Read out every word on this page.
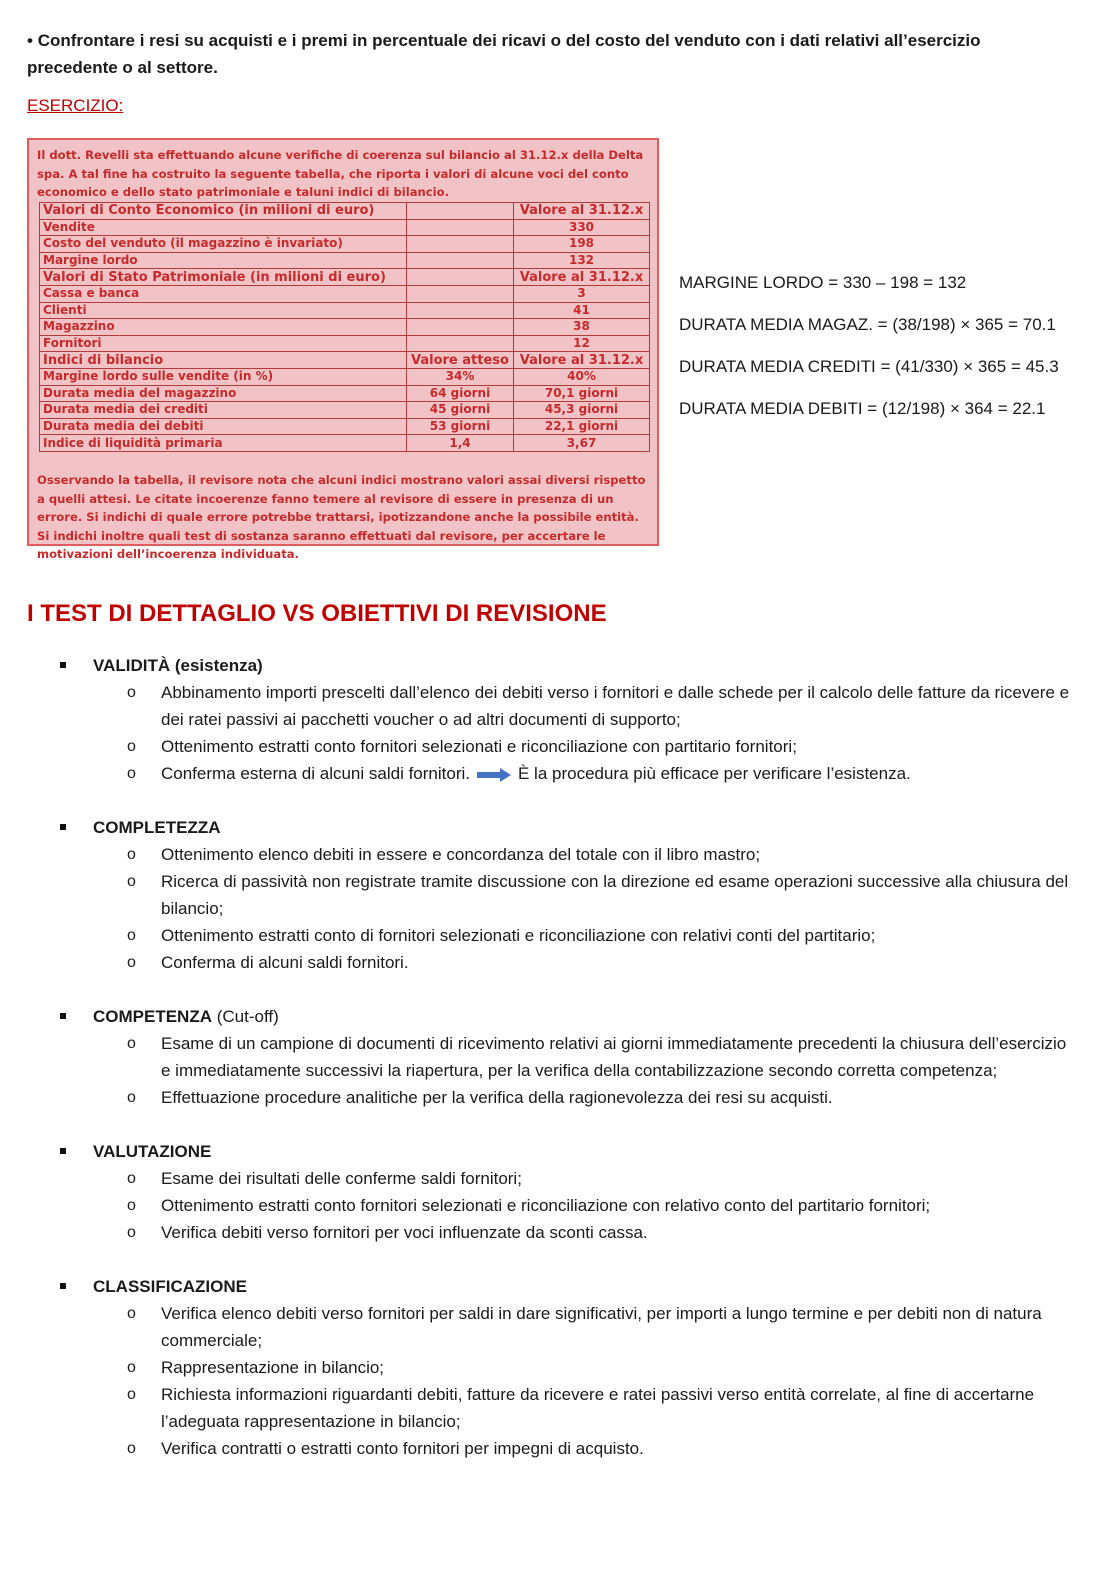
• Confrontare i resi su acquisti e i premi in percentuale dei ricavi o del costo del venduto con i dati relativi all’esercizio precedente o al settore.
ESERCIZIO:
Il dott. Revelli sta effettuando alcune verifiche di coerenza sul bilancio al 31.12.x della Delta spa. A tal fine ha costruito la seguente tabella, che riporta i valori di alcune voci del conto economico e dello stato patrimoniale e taluni indici di bilancio.
Valori di Conto Economico (in milioni di euro)		Valore al 31.12.x
Vendite		330
Costo del venduto (il magazzino è invariato)		198
Margine lordo		132
Valori di Stato Patrimoniale (in milioni di euro)		Valore al 31.12.x
Cassa e banca		3
Clienti		41
Magazzino		38
Fornitori		12
Indici di bilancio	Valore atteso	Valore al 31.12.x
Margine lordo sulle vendite (in %)	34%	40%
Durata media del magazzino	64 giorni	70,1 giorni
Durata media dei crediti	45 giorni	45,3 giorni
Durata media dei debiti	53 giorni	22,1 giorni
Indice di liquidità primaria	1,4	3,67
Osservando la tabella, il revisore nota che alcuni indici mostrano valori assai diversi rispetto a quelli attesi. Le citate incoerenze fanno temere al revisore di essere in presenza di un errore. Si indichi di quale errore potrebbe trattarsi, ipotizzandone anche la possibile entità. Si indichi inoltre quali test di sostanza saranno effettuati dal revisore, per accertare le motivazioni dell’incoerenza individuata.
MARGINE LORDO = 330 – 198 = 132
DURATA MEDIA MAGAZ. = (38/198) × 365 = 70.1
DURATA MEDIA CREDITI = (41/330) × 365 = 45.3
DURATA MEDIA DEBITI = (12/198) × 364 = 22.1
I TEST DI DETTAGLIO VS OBIETTIVI DI REVISIONE
VALIDITÀ (esistenza)
o Abbinamento importi prescelti dall’elenco dei debiti verso i fornitori e dalle schede per il calcolo delle fatture da ricevere e dei ratei passivi ai pacchetti voucher o ad altri documenti di supporto;
o Ottenimento estratti conto fornitori selezionati e riconciliazione con partitario fornitori;
o Conferma esterna di alcuni saldi fornitori.	È la procedura più efficace per verificare l’esistenza.
COMPLETEZZA
o Ottenimento elenco debiti in essere e concordanza del totale con il libro mastro;
o Ricerca di passività non registrate tramite discussione con la direzione ed esame operazioni successive alla chiusura del bilancio;
o Ottenimento estratti conto di fornitori selezionati e riconciliazione con relativi conti del partitario;
o Conferma di alcuni saldi fornitori.
COMPETENZA (Cut-off)
o Esame di un campione di documenti di ricevimento relativi ai giorni immediatamente precedenti la chiusura dell’esercizio e immediatamente successivi la riapertura, per la verifica della contabilizzazione secondo corretta competenza;
o Effettuazione procedure analitiche per la verifica della ragionevolezza dei resi su acquisti.
VALUTAZIONE
o Esame dei risultati delle conferme saldi fornitori;
o Ottenimento estratti conto fornitori selezionati e riconciliazione con relativo conto del partitario fornitori;
o Verifica debiti verso fornitori per voci influenzate da sconti cassa.
CLASSIFICAZIONE
o Verifica elenco debiti verso fornitori per saldi in dare significativi, per importi a lungo termine e per debiti non di natura commerciale;
o Rappresentazione in bilancio;
o Richiesta informazioni riguardanti debiti, fatture da ricevere e ratei passivi verso entità correlate, al fine di accertarne l’adeguata rappresentazione in bilancio;
o Verifica contratti o estratti conto fornitori per impegni di acquisto.
